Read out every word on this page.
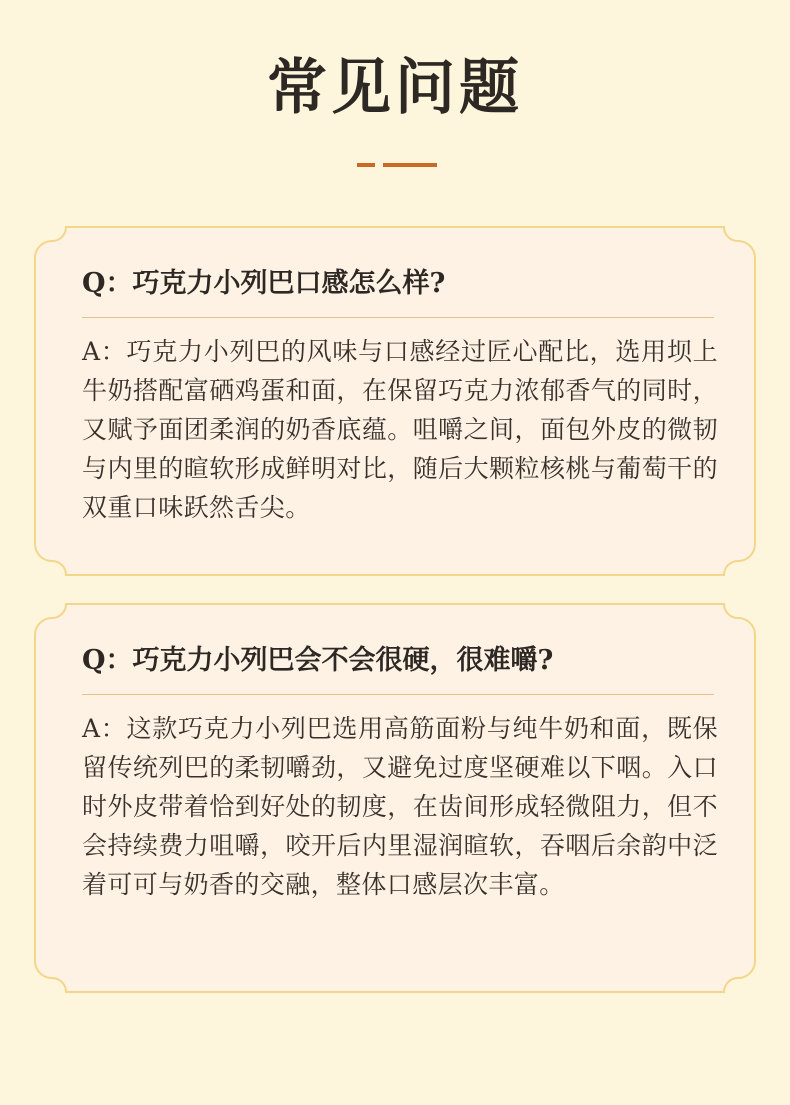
常见问题
Q：巧克力小列巴口感怎么样?
A：巧克力小列巴的风味与口感经过匠心配比，选用坝上牛奶搭配富硒鸡蛋和面，在保留巧克力浓郁香气的同时，又赋予面团柔润的奶香底蕴。咀嚼之间，面包外皮的微韧与内里的暄软形成鲜明对比，随后大颗粒核桃与葡萄干的双重口味跃然舌尖。
Q：巧克力小列巴会不会很硬，很难嚼?
A：这款巧克力小列巴选用高筋面粉与纯牛奶和面，既保留传统列巴的柔韧嚼劲，又避免过度坚硬难以下咽。入口时外皮带着恰到好处的韧度，在齿间形成轻微阻力，但不会持续费力咀嚼，咬开后内里湿润暄软，吞咽后余韵中泛着可可与奶香的交融，整体口感层次丰富。
